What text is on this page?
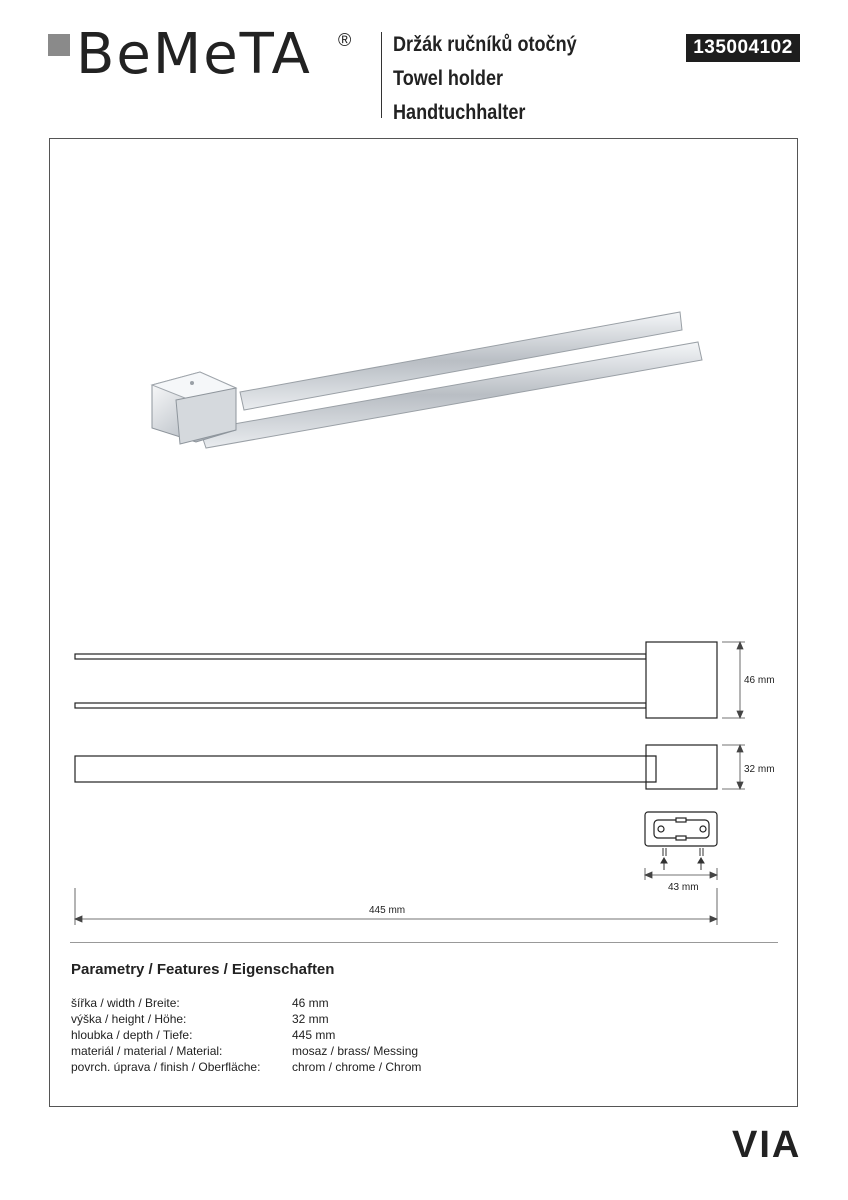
BeMeTA ® Držák ručníků otočný
Towel holder
Handtuchhalter
135004102
46 mm
32 mm
43 mm
445 mm
Parametry / Features / Eigenschaften
šířka / width / Breite:
výška / height / Höhe:
hloubka / depth / Tiefe:
materiál / material / Material:
povrch. úprava / finish / Oberfläche:
46 mm
32 mm
445 mm
mosaz / brass/ Messing
chrom / chrome / Chrom
VIA
